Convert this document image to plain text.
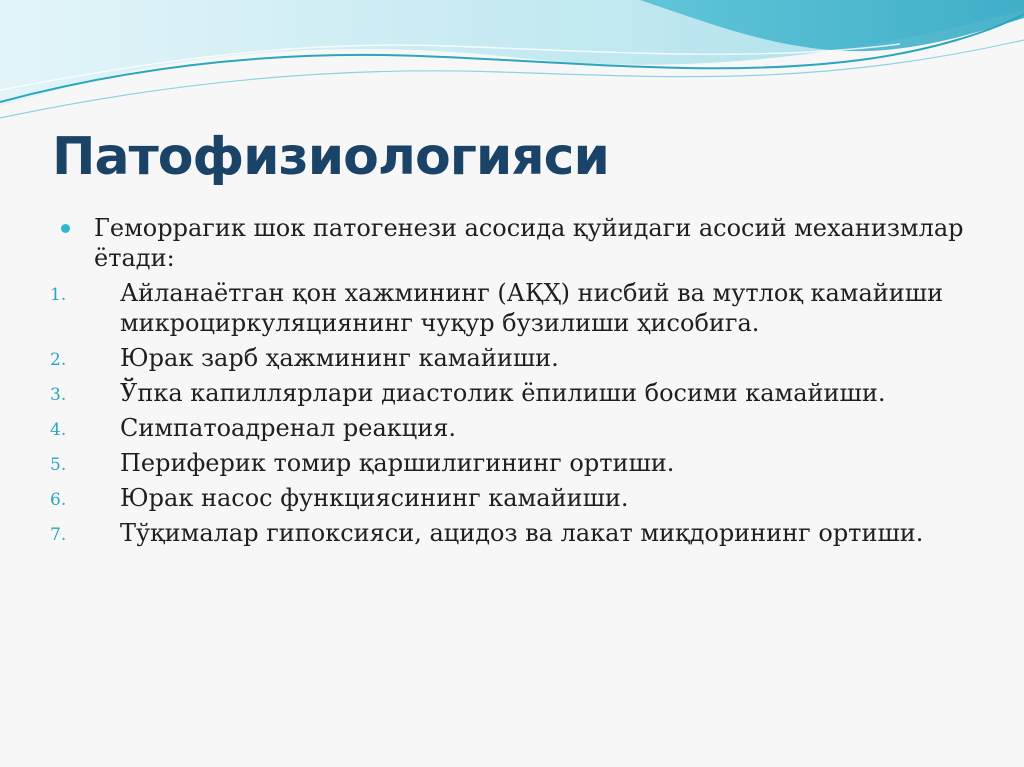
Патофизиологияси
Геморрагик шок патогенези асосида қуйидаги асосий механизмлар ётади:
1. Айланаётган қон хажмининг (АҚҲ) нисбий ва мутлоқ камайиши микроциркуляциянинг чуқур бузилиши ҳисобига.
2. Юрак зарб ҳажмининг камайиши.
3. Ўпка капиллярлари диастолик ёпилиши босими камайиши.
4. Симпатоадренал реакция.
5. Периферик томир қаршилигининг ортиши.
6. Юрак насос функциясининг камайиши.
7. Тўқималар гипоксияси, ацидоз ва лакат миқдорининг ортиши.
